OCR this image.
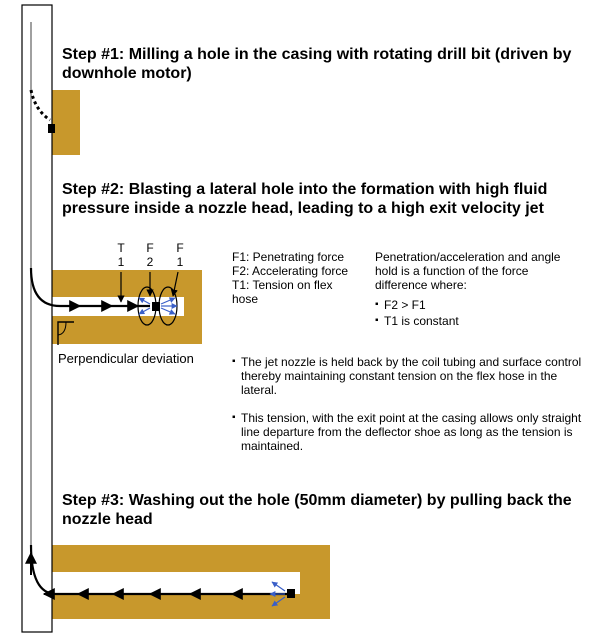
T
1
F
2
F
1

Step #1: Milling a hole in the casing with rotating drill bit (driven by downhole motor)

Step #2: Blasting a lateral hole into the formation with high fluid pressure inside a nozzle head, leading to a high exit velocity jet

Step #3: Washing out the hole (50mm diameter) by pulling back the nozzle head

F1: Penetrating force
F2: Accelerating force
T1: Tension on flex hose
Penetration/acceleration and angle hold is a function of the force difference where:

▪ F2 > F1

▪ T1 is constant

Perpendicular deviation

▪	The jet nozzle is held back by the coil tubing and surface control thereby maintaining constant tension on the flex hose in the lateral.

▪ This tension, with the exit point at the casing allows only straight line departure from the deflector shoe as long as the tension is maintained.
